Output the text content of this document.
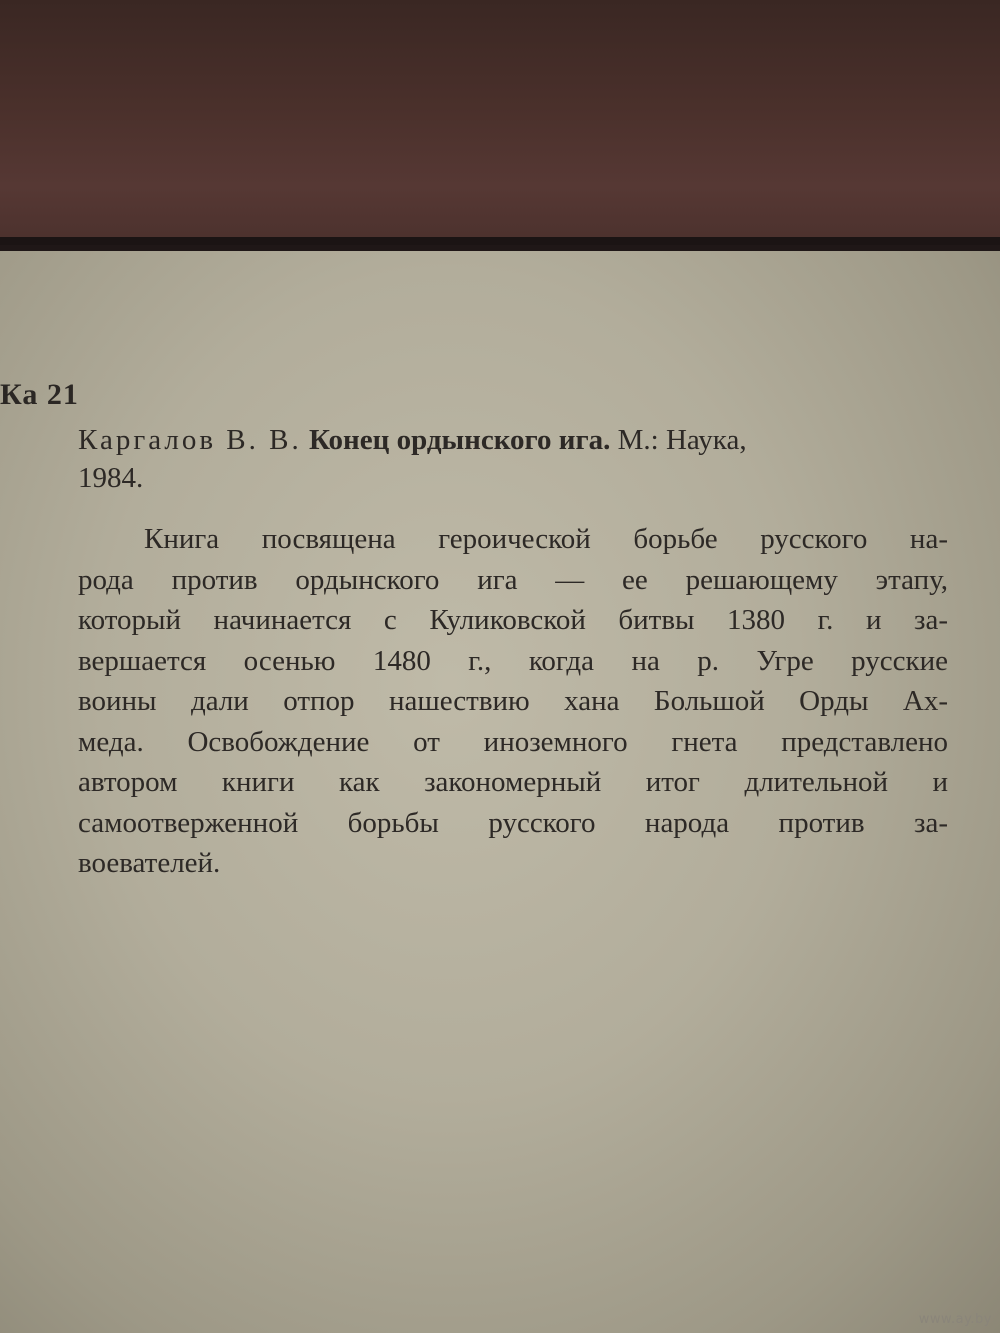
Ка 21
Каргалов В. В. Конец ордынского ига. М.: Наука,
1984.
Книга посвящена героической борьбе русского на-
рода против ордынского ига — ее решающему этапу,
который начинается с Куликовской битвы 1380 г. и за-
вершается осенью 1480 г., когда на р. Угре русские
воины дали отпор нашествию хана Большой Орды Ах-
меда. Освобождение от иноземного гнета представлено
автором книги как закономерный итог длительной и
самоотверженной борьбы русского народа против за-
воевателей.
www.ay.by
